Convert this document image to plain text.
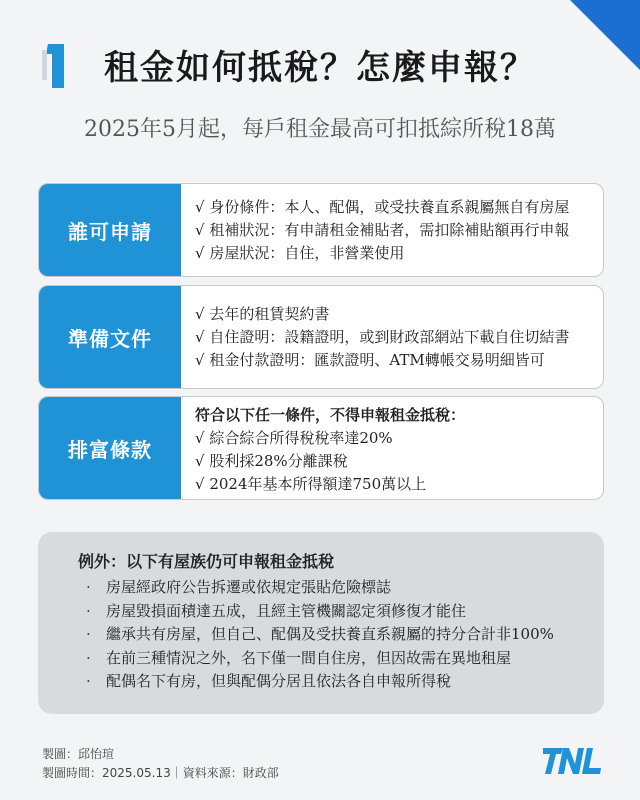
租金如何抵稅？怎麼申報？
2025年5月起，每戶租金最高可扣抵綜所稅18萬
誰可申請
√ 身份條件：本人、配偶，或受扶養直系親屬無自有房屋
√ 租補狀況：有申請租金補貼者，需扣除補貼額再行申報
√ 房屋狀況：自住，非營業使用
準備文件
√ 去年的租賃契約書
√ 自住證明：設籍證明，或到財政部網站下載自住切結書
√ 租金付款證明：匯款證明、ATM轉帳交易明細皆可
排富條款
符合以下任一條件，不得申報租金抵稅：
√ 綜合綜合所得稅稅率達20%
√ 股利採28%分離課稅
√ 2024年基本所得額達750萬以上
例外：以下有屋族仍可申報租金抵稅
·	房屋經政府公告拆遷或依規定張貼危險標誌
·	房屋毀損面積達五成，且經主管機關認定須修復才能住
·	繼承共有房屋，但自己、配偶及受扶養直系親屬的持分合計非100%
·	在前三種情況之外，名下僅一間自住房，但因故需在異地租屋
·	配偶名下有房，但與配偶分居且依法各自申報所得稅
製圖：邱怡瑄
製圖時間：2025.05.13｜資料來源：財政部
